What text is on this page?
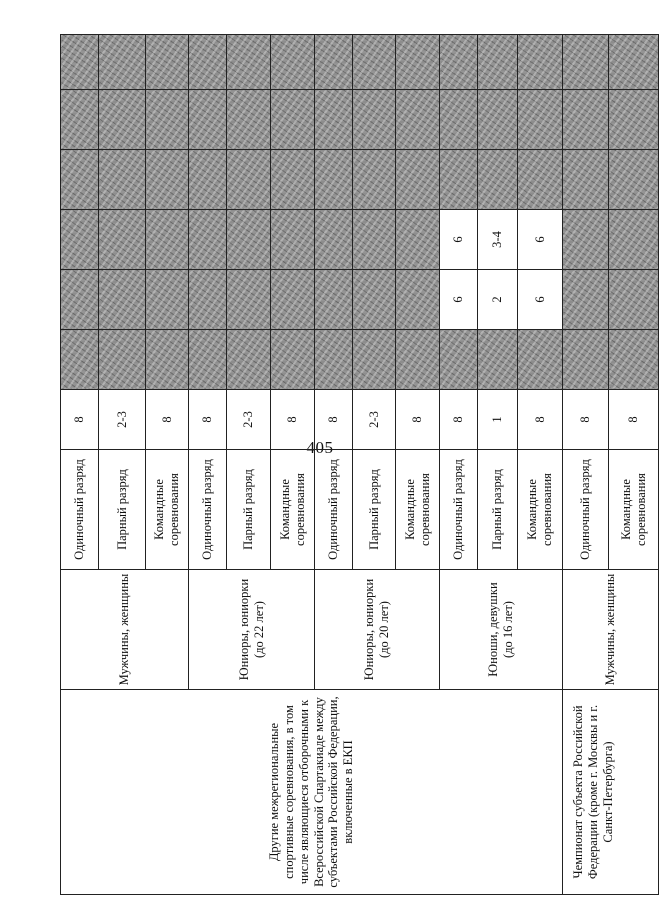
405
Другие межрегиональные спортивные соревнования, в том числе являющиеся отборочными к Всероссийской Спартакиаде между субъектами Российской Федерации, включенные в ЕКП	Мужчины, женщины	Одиночный разряд	8						
		Парный разряд	2-3						
		Командные соревнования	8						
	Юниоры, юниорки (до 22 лет)	Одиночный разряд	8						
		Парный разряд	2-3						
		Командные соревнования	8						
	Юниоры, юниорки (до 20 лет)	Одиночный разряд	8						
		Парный разряд	2-3						
		Командные соревнования	8						
	Юноши, девушки (до 16 лет)	Одиночный разряд	8		6	6			
		Парный разряд	1		2	3-4			
		Командные соревнования	8		6	6			
Чемпионат субъекта Российской Федерации (кроме г. Москвы и г. Санкт-Петербурга)	Мужчины, женщины	Одиночный разряд	8						
		Командные соревнования	8						
